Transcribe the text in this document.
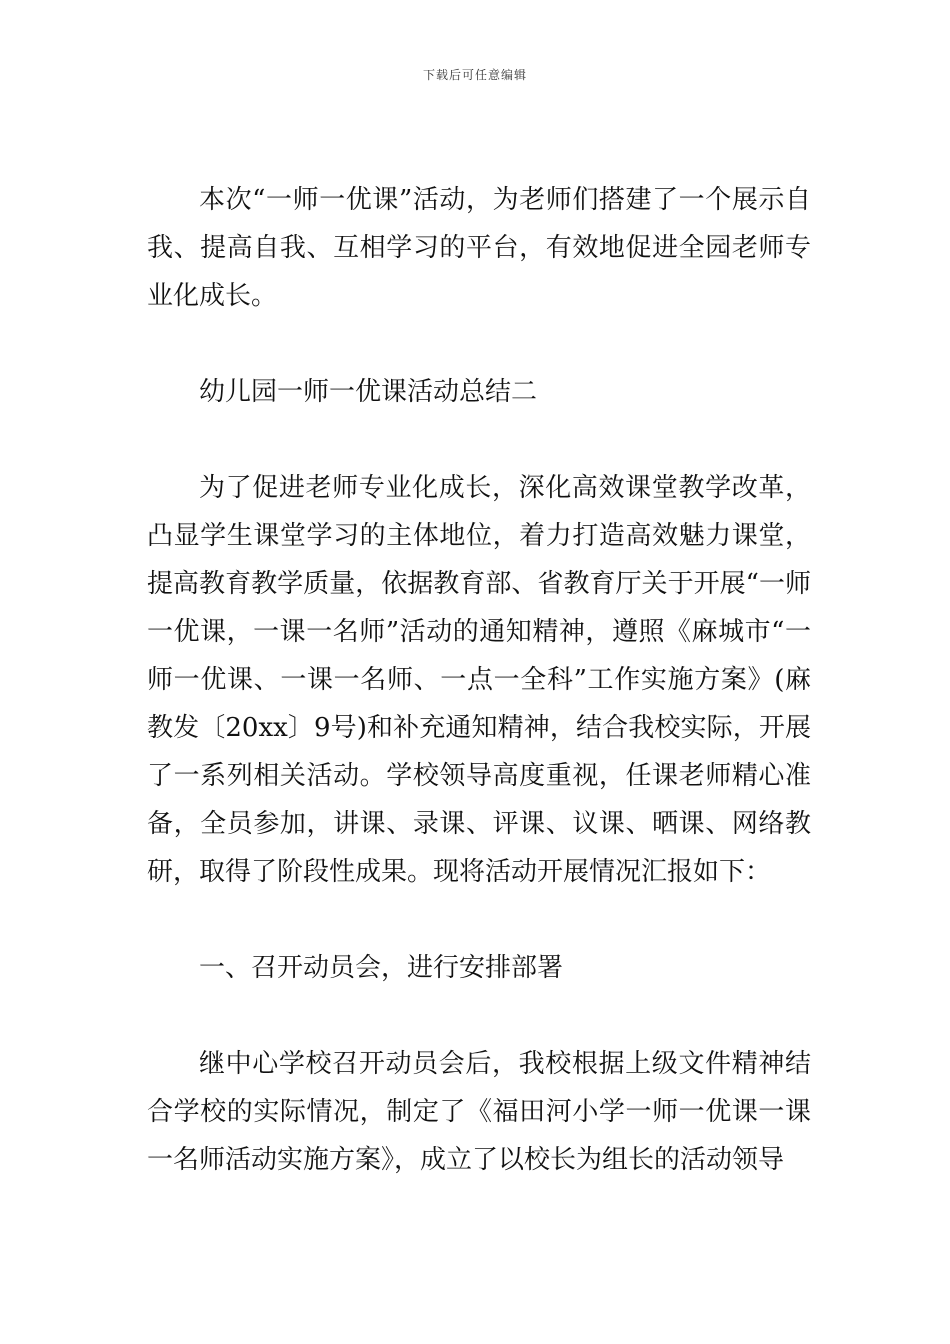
下载后可任意编辑

本次“一师一优课”活动，为老师们搭建了一个展示自我、提高自我、互相学习的平台，有效地促进全园老师专业化成长。

幼儿园一师一优课活动总结二

为了促进老师专业化成长，深化高效课堂教学改革，凸显学生课堂学习的主体地位，着力打造高效魅力课堂，提高教育教学质量，依据教育部、省教育厅关于开展“一师一优课，一课一名师”活动的通知精神，遵照《麻城市“一师一优课、一课一名师、一点一全科”工作实施方案》(麻教发〔20xx〕9号)和补充通知精神，结合我校实际，开展了一系列相关活动。学校领导高度重视，任课老师精心准备，全员参加，讲课、录课、评课、议课、晒课、网络教研，取得了阶段性成果。现将活动开展情况汇报如下：

一、召开动员会，进行安排部署

继中心学校召开动员会后，我校根据上级文件精神结合学校的实际情况，制定了《福田河小学一师一优课一课一名师活动实施方案》，成立了以校长为组长的活动领导
